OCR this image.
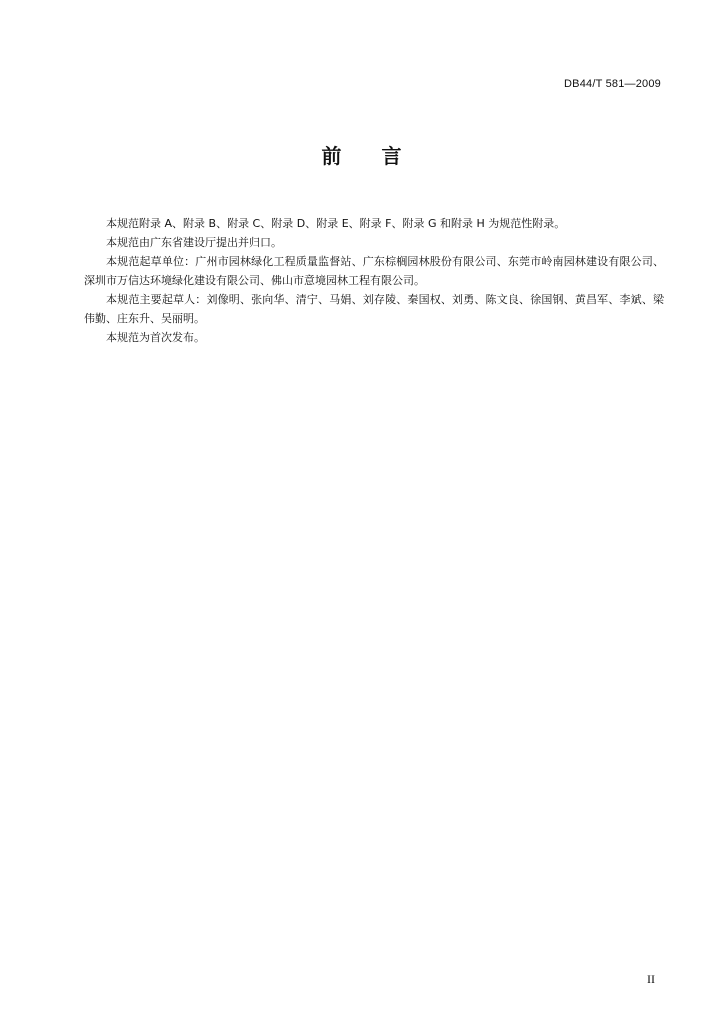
DB44/T 581—2009
前言

本规范附录 A、附录 B、附录 C、附录 D、附录 E、附录 F、附录 G 和附录 H 为规范性附录。

本规范由广东省建设厅提出并归口。

本规范起草单位：广州市园林绿化工程质量监督站、广东棕榈园林股份有限公司、东莞市岭南园林建设有限公司、深圳市万信达环境绿化建设有限公司、佛山市意境园林工程有限公司。

本规范主要起草人：刘像明、张向华、清宁、马娟、刘存陵、秦国权、刘勇、陈文良、徐国钢、黄昌军、李斌、梁伟勤、庄东升、吴丽明。

本规范为首次发布。

II
